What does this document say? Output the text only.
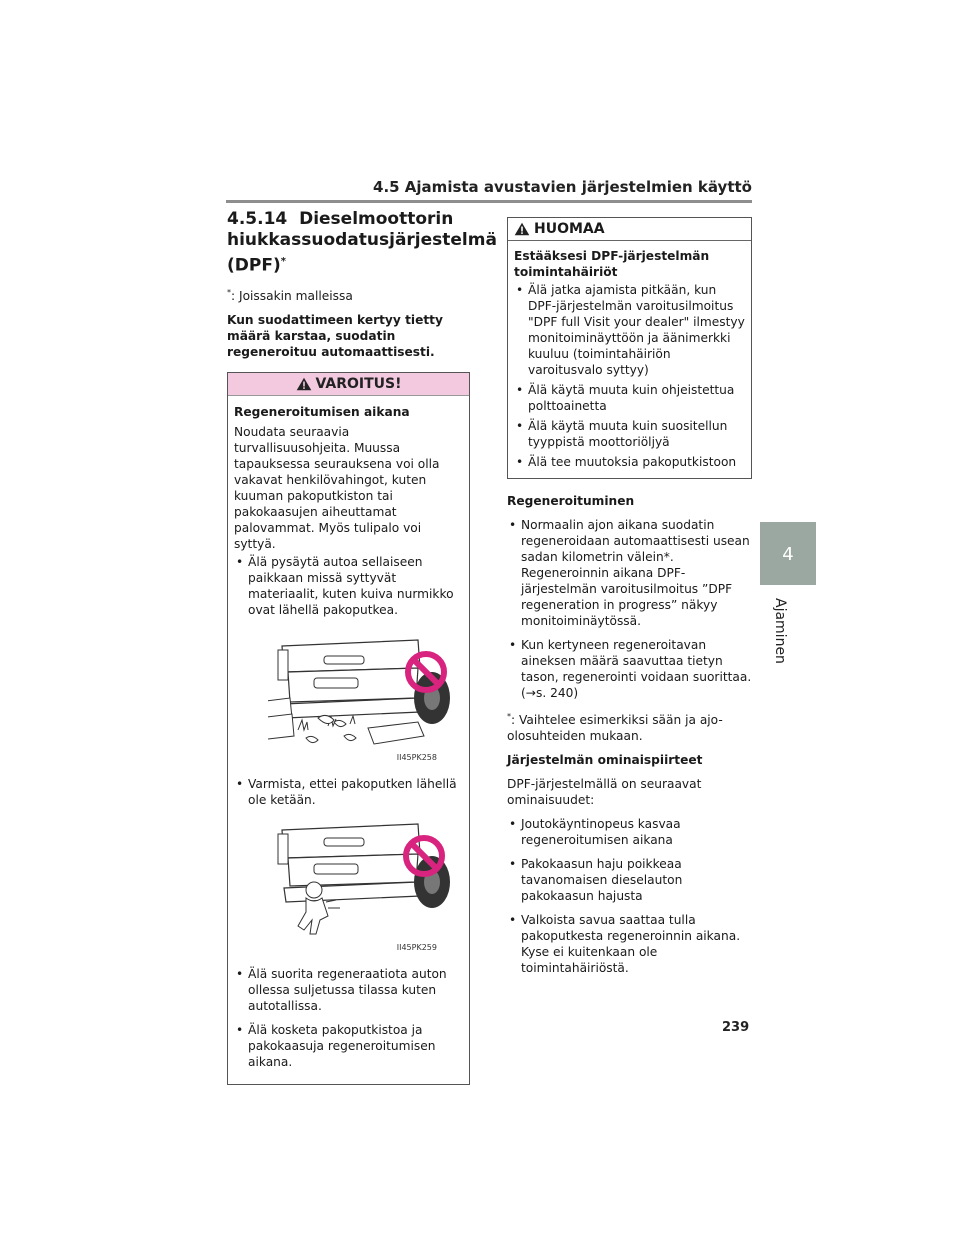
4.5 Ajamista avustavien järjestelmien käyttö
4
Ajaminen
4.5.14 Dieselmoottorin hiukkassuodatusjärjestelmä (DPF)*

*: Joissakin malleissa

Kun suodattimeen kertyy tietty määrä karstaa, suodatin regeneroituu automaattisesti.

VAROITUS!

Regeneroitumisen aikana

Noudata seuraavia turvallisuusohjeita. Muussa tapauksessa seurauksena voi olla vakavat henkilövahingot, kuten kuuman pakoputkiston tai pakokaasujen aiheuttamat palovammat. Myös tulipalo voi syttyä.

• Älä pysäytä autoa sellaiseen paikkaan missä syttyvät materiaalit, kuten kuiva nurmikko ovat lähellä pakoputkea.
II45PK258
• Varmista, ettei pakoputken lähellä ole ketään.
II45PK259
• Älä suorita regeneraatiota auton ollessa suljetussa tilassa kuten autotallissa.
• Älä kosketa pakoputkistoa ja pakokaasuja regeneroitumisen aikana.
HUOMAA

Estääksesi DPF-järjestelmän toimintahäiriöt

• Älä jatka ajamista pitkään, kun DPF-järjestelmän varoitusilmoitus "DPF full Visit your dealer" ilmestyy monitoiminäyttöön ja äänimerkki kuuluu (toimintahäiriön varoitusvalo syttyy)
• Älä käytä muuta kuin ohjeistettua polttoainetta
• Älä käytä muuta kuin suositellun tyyppistä moottoriöljyä
• Älä tee muutoksia pakoputkistoon

Regeneroituminen

• Normaalin ajon aikana suodatin regeneroidaan automaattisesti usean sadan kilometrin välein*. Regeneroinnin aikana DPF-järjestelmän varoitusilmoitus ”DPF regeneration in progress” näkyy monitoiminäytössä.
• Kun kertyneen regeneroitavan aineksen määrä saavuttaa tietyn tason, regenerointi voidaan suorittaa. (→s. 240)

*: Vaihtelee esimerkiksi sään ja ajo-olosuhteiden mukaan.

Järjestelmän ominaispiirteet

DPF-järjestelmällä on seuraavat ominaisuudet:

• Joutokäyntinopeus kasvaa regeneroitumisen aikana
• Pakokaasun haju poikkeaa tavanomaisen dieselauton pakokaasun hajusta
• Valkoista savua saattaa tulla pakoputkesta regeneroinnin aikana. Kyse ei kuitenkaan ole toimintahäiriöstä.
239
